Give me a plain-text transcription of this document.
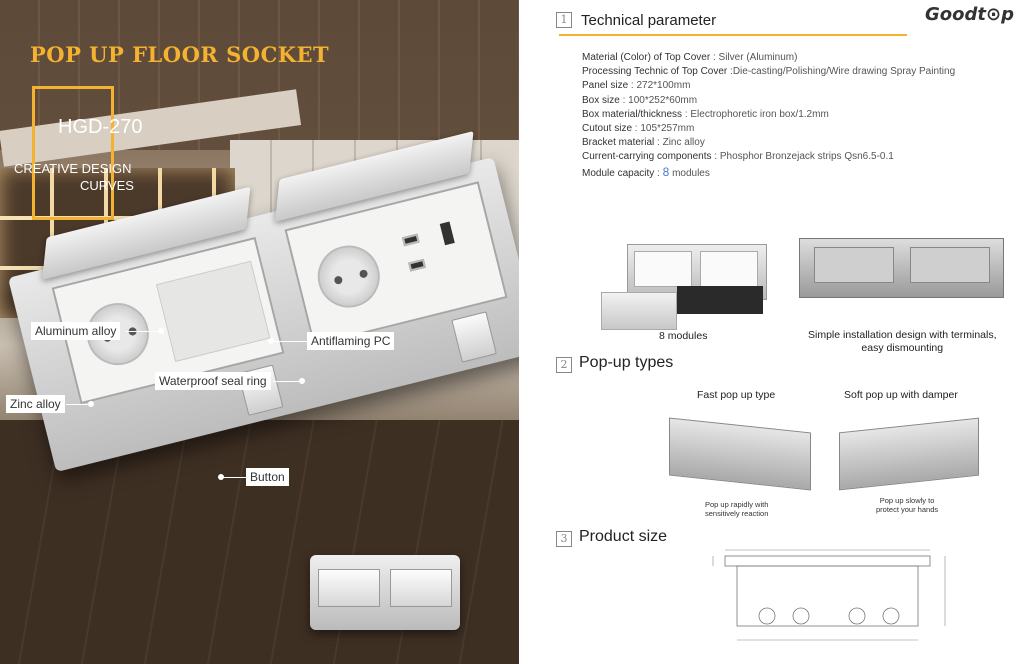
POP UP FLOOR SOCKET
HGD-270
CREATIVE DESIGN
CURVES
Aluminum alloy
Antiflaming PC
Waterproof seal ring
Zinc alloy
Button
Goodt⊙p
1 Technical parameter
Material (Color) of Top Cover : Silver (Aluminum)
Processing Technic of Top Cover :Die-casting/Polishing/Wire drawing Spray Painting
Panel size : 272*100mm
Box size : 100*252*60mm
Box material/thickness : Electrophoretic iron box/1.2mm
Cutout size : 105*257mm
Bracket material : Zinc alloy
Current-carrying components : Phosphor Bronzejack strips Qsn6.5-0.1
Module capacity : 8 modules
8 modules	Simple installation design with terminals,
easy dismounting
2 Pop-up types
Fast pop up type	Soft pop up with damper
Pop up rapidly with
sensitively reaction
Pop up slowly to
protect your hands
3 Product size
